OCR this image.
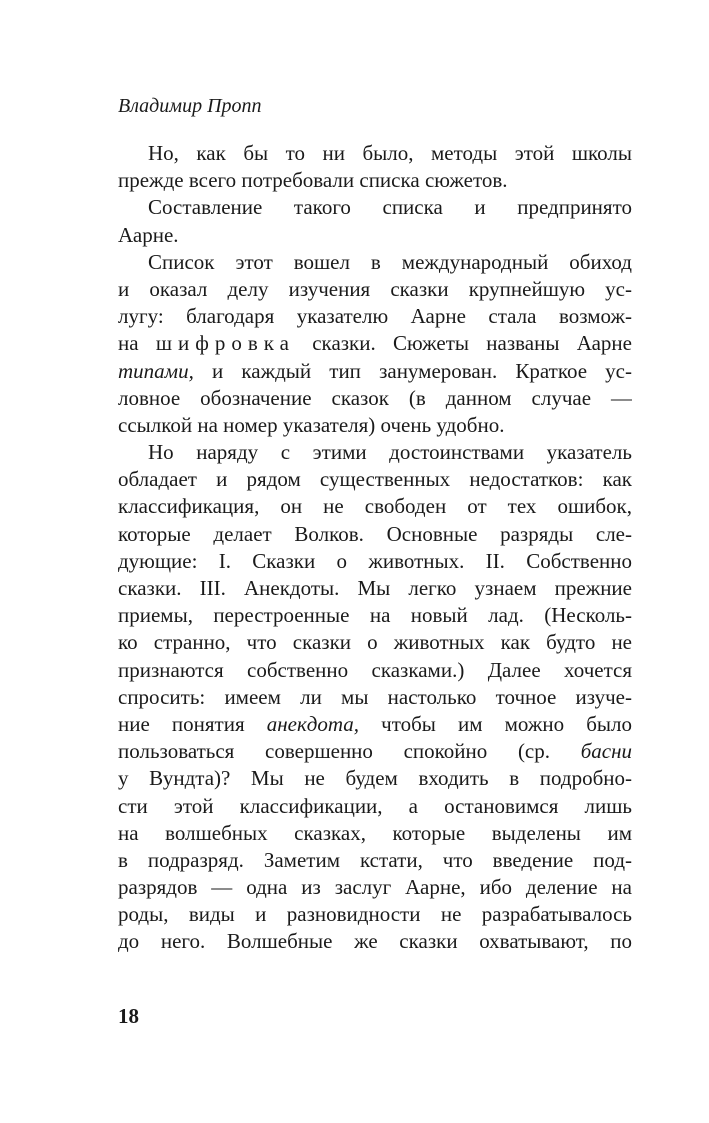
Владимир Пропп
Но, как бы то ни было, методы этой школы
прежде всего потребовали списка сюжетов.
Составление такого списка и предпринято
Аарне.
Список этот вошел в международный обиход
и оказал делу изучения сказки крупнейшую ус-
лугу: благодаря указателю Аарне стала возмож-
на шифровка сказки. Сюжеты названы Аарне
типами, и каждый тип занумерован. Краткое ус-
ловное обозначение сказок (в данном случае —
ссылкой на номер указателя) очень удобно.
Но наряду с этими достоинствами указатель
обладает и рядом существенных недостатков: как
классификация, он не свободен от тех ошибок,
которые делает Волков. Основные разряды сле-
дующие: I. Сказки о животных. II. Собственно
сказки. III. Анекдоты. Мы легко узнаем прежние
приемы, перестроенные на новый лад. (Несколь-
ко странно, что сказки о животных как будто не
признаются собственно сказками.) Далее хочется
спросить: имеем ли мы настолько точное изуче-
ние понятия анекдота, чтобы им можно было
пользоваться совершенно спокойно (ср. басни
у Вундта)? Мы не будем входить в подробно-
сти этой классификации, а остановимся лишь
на волшебных сказках, которые выделены им
в подразряд. Заметим кстати, что введение под-
разрядов — одна из заслуг Аарне, ибо деление на
роды, виды и разновидности не разрабатывалось
до него. Волшебные же сказки охватывают, по
18
